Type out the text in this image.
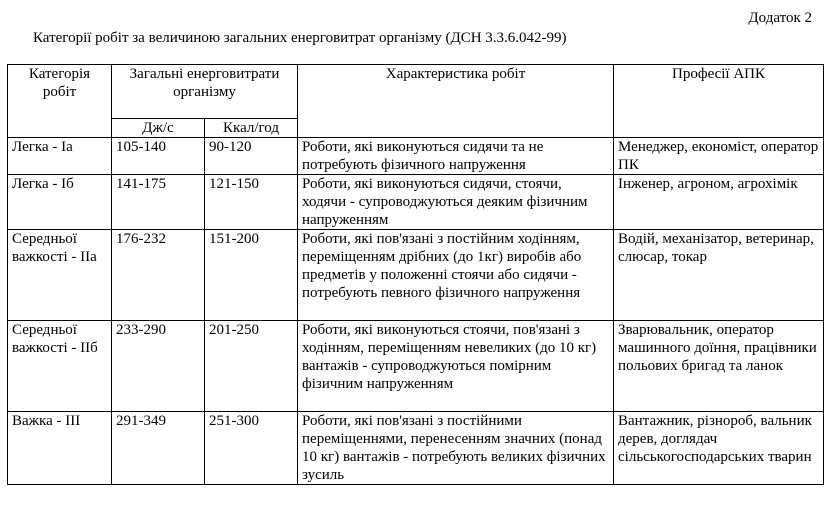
Додаток 2
Категорії робіт за величиною загальних енерговитрат організму (ДСН 3.3.6.042-99)
Категорія робіт	Загальні енерговитрати організму		Характеристика робіт	Професії АПК
	Дж/с	Ккал/год		
Легка - Іа	105-140	90-120	Роботи, які виконуються сидячи та не потребують фізичного напруження	Менеджер, економіст, оператор ПК
Легка - Іб	141-175	121-150	Роботи, які виконуються сидячи, стоячи, ходячи - супроводжуються деяким фізичним напруженням	Інженер, агроном, агрохімік
Середньої важкості - IIa	176-232	151-200	Роботи, які пов'язані з постійним ходінням, переміщенням дрібних (до 1кг) виробів або предметів у положенні стоячи або сидячи - потребують певного фізичного напруження	Водій, механізатор, ветеринар, слюсар, токар
Середньої важкості - IIб	233-290	201-250	Роботи, які виконуються стоячи, пов'язані з ходінням, переміщенням невеликих (до 10 кг) вантажів - супроводжуються помірним фізичним напруженням	Зварювальник, оператор машинного доїння, працівники польових бригад та ланок
Важка - ІІІ	291-349	251-300	Роботи, які пов'язані з постійними переміщеннями, перенесенням значних (понад 10 кг) вантажів - потребують великих фізичних зусиль	Вантажник, різнороб, вальник дерев, доглядач сільськогосподарських тварин
